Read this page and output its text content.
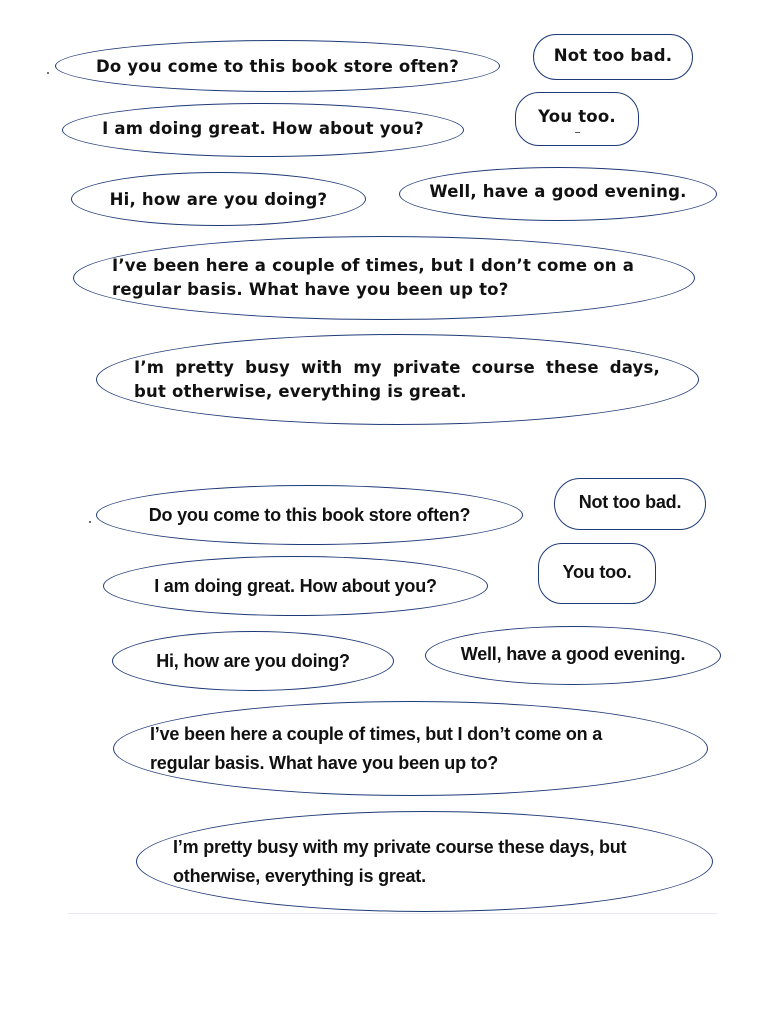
Do you come to this book store often?
Not too bad.
I am doing great. How about you?
You too.
Hi, how are you doing?	Well, have a good evening.
I’ve been here a couple of times, but I don’t come on a
regular basis. What have you been up to?
I’m pretty busy with my private course these days,
but otherwise, everything is great.
Do you come to this book store often?
Not too bad.
I am doing great. How about you?
You too.
Hi, how are you doing?	Well, have a good evening.
I’ve been here a couple of times, but I don’t come on a
regular basis. What have you been up to?
I’m pretty busy with my private course these days, but
otherwise, everything is great.
